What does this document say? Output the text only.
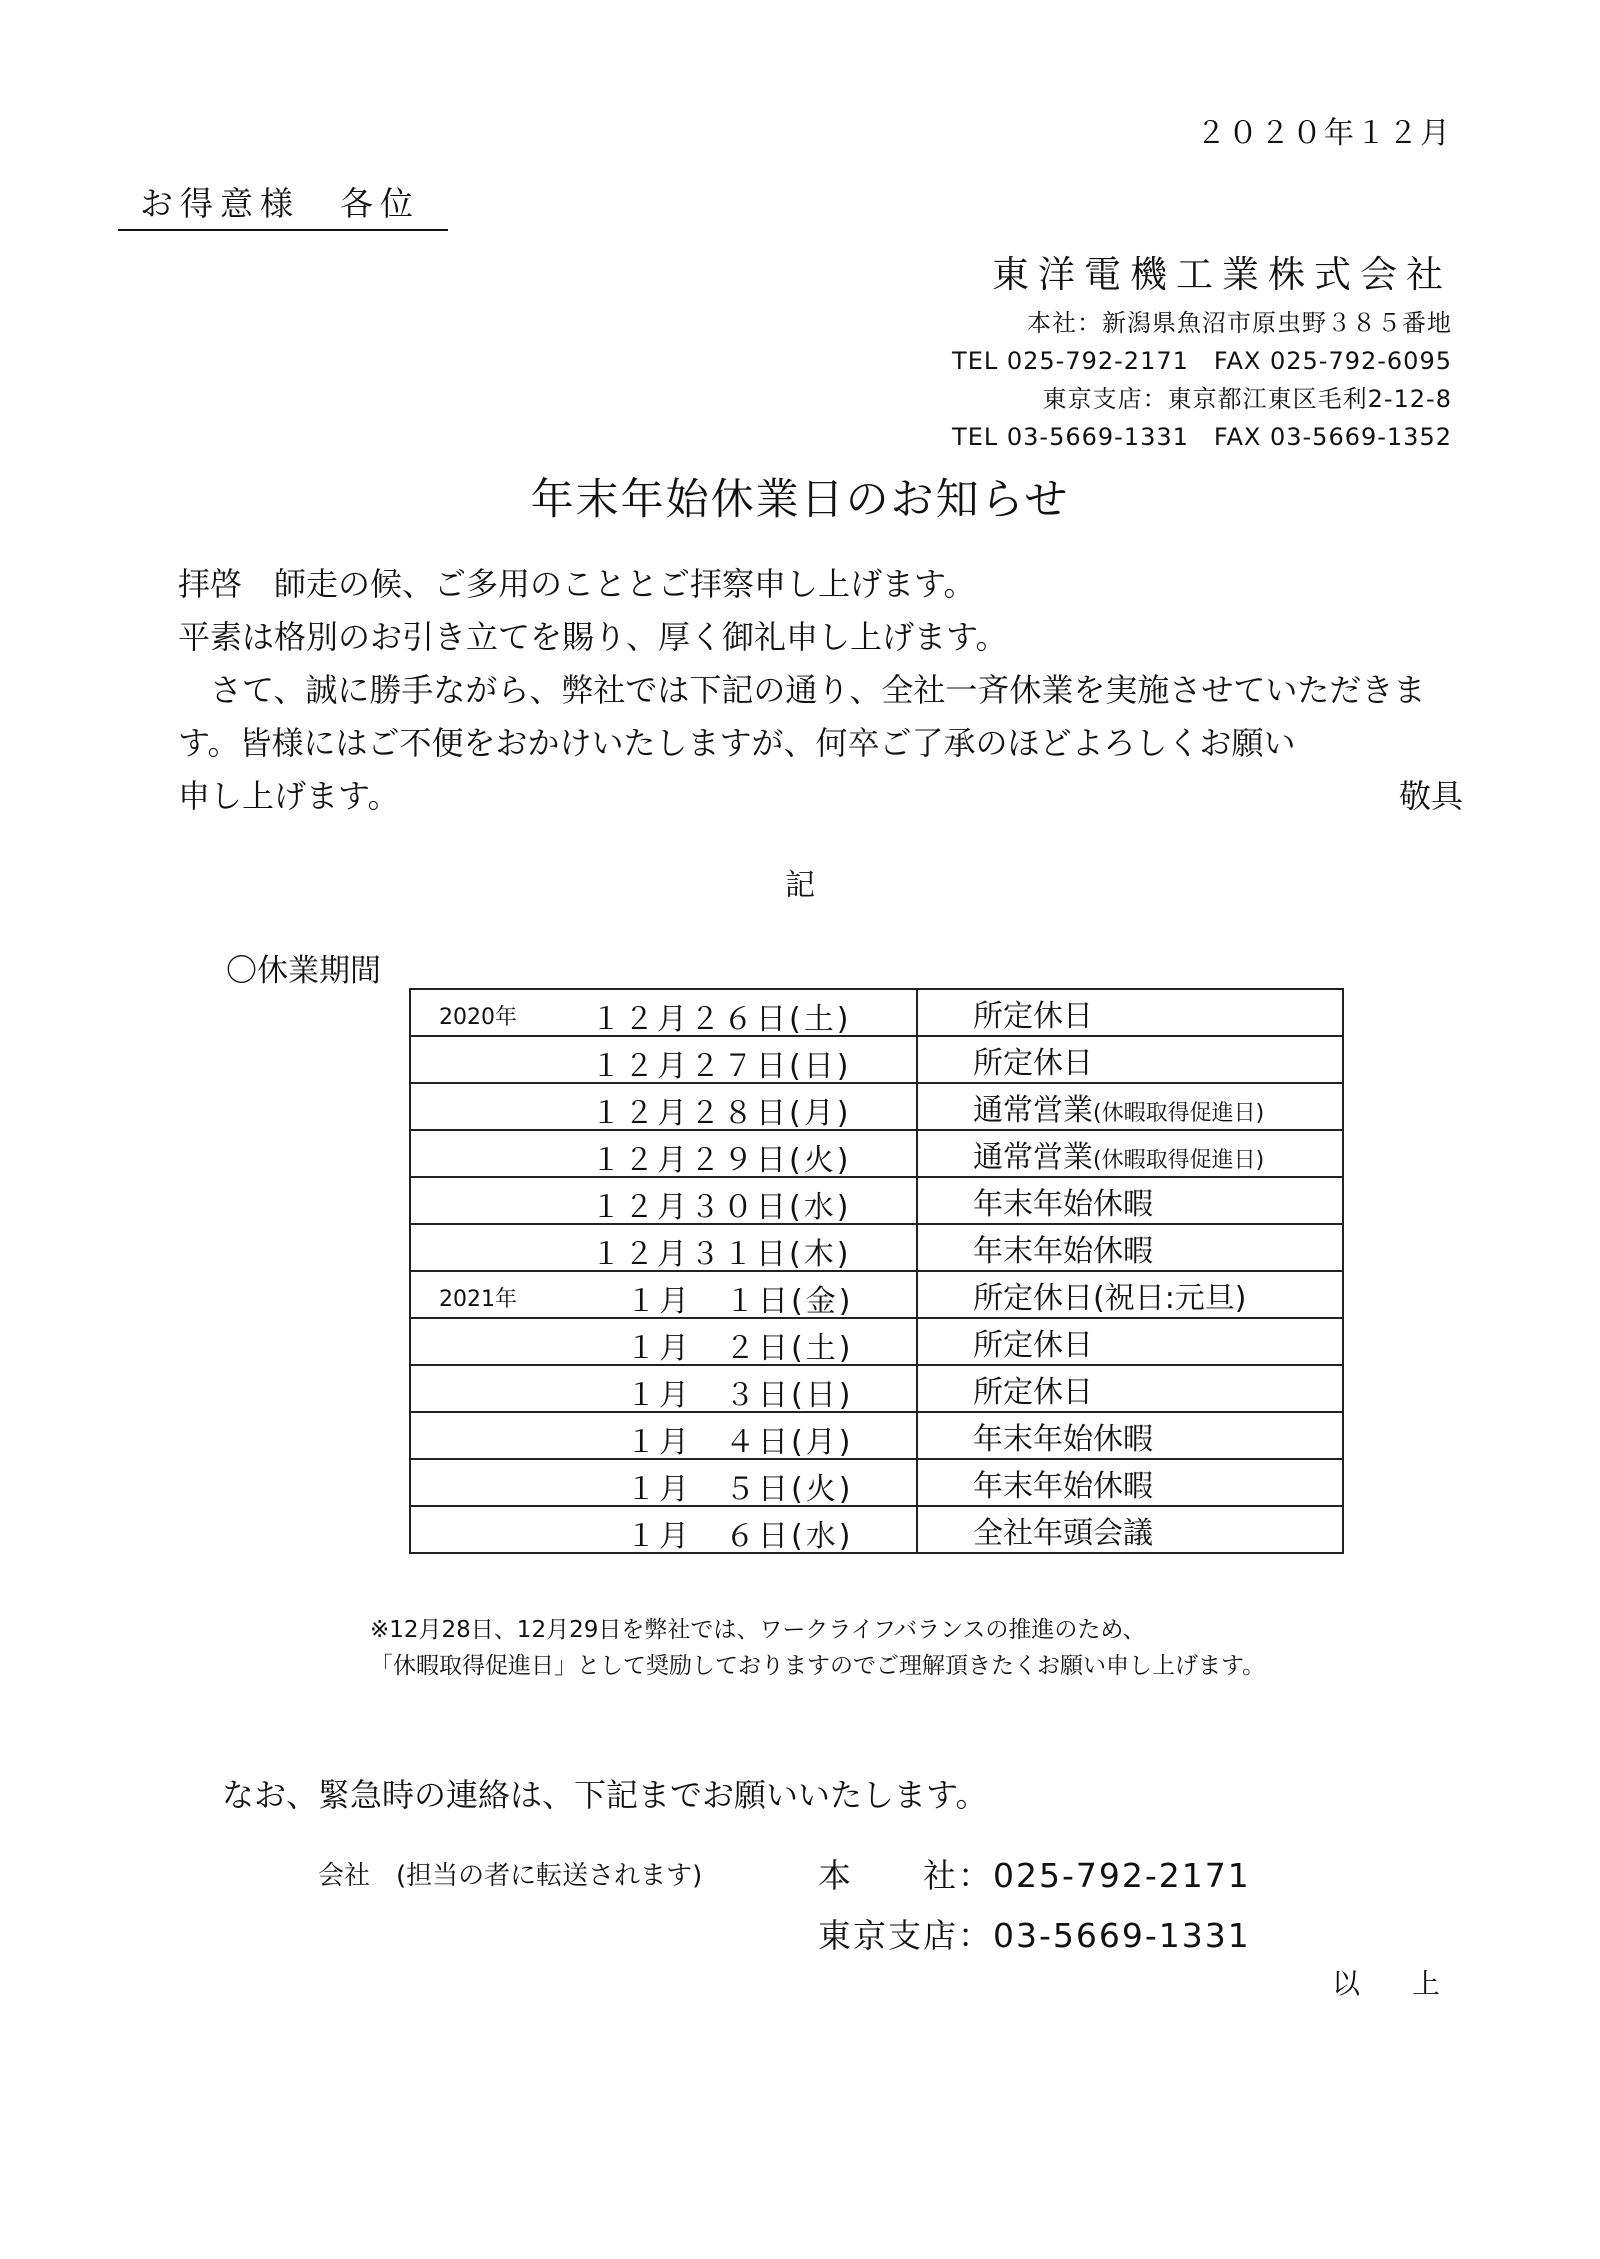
２０２０年１２月
お得意様　各位
東洋電機工業株式会社
本社：新潟県魚沼市原虫野３８５番地
TEL 025-792-2171　FAX 025-792-6095
東京支店：東京都江東区毛利2-12-8
TEL 03-5669-1331　FAX 03-5669-1352
年末年始休業日のお知らせ

拝啓　師走の候、ご多用のこととご拝察申し上げます。

平素は格別のお引き立てを賜り、厚く御礼申し上げます。

　さて、誠に勝手ながら、弊社では下記の通り、全社一斉休業を実施させていただきます。皆様にはご不便をおかけいたしますが、何卒ご了承のほどよろしくお願い

申し上げます。	敬具
記
〇休業期間
2020年 １２月２６日(土)	所定休日

１２月２７日(日)	所定休日

１２月２８日(月)	通常営業(休暇取得促進日)

１２月２９日(火)	通常営業(休暇取得促進日)

１２月３０日(水)	年末年始休暇

１２月３１日(木)	年末年始休暇

2021年 １月　１日(金)	所定休日(祝日:元旦)

１月　２日(土)	所定休日

１月　３日(日)	所定休日

１月　４日(月)	年末年始休暇

１月　５日(火)	年末年始休暇

１月　６日(水)	全社年頭会議
※12月28日、12月29日を弊社では、ワークライフバランスの推進のため、
「休暇取得促進日」として奨励しておりますのでご理解頂きたくお願い申し上げます。
なお、緊急時の連絡は、下記までお願いいたします。
会社　(担当の者に転送されます)	本　　社：025-792-2171
東京支店：03-5669-1331
以　上
